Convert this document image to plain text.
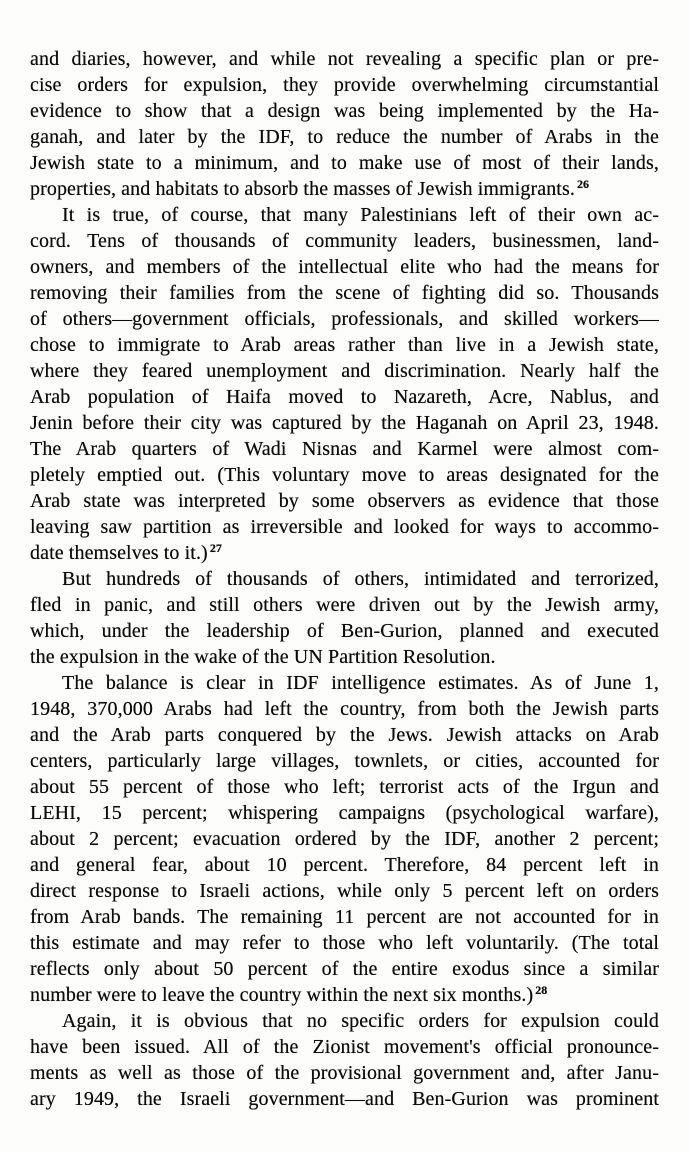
and diaries, however, and while not revealing a specific plan or pre-
cise orders for expulsion, they provide overwhelming circumstantial
evidence to show that a design was being implemented by the Ha-
ganah, and later by the IDF, to reduce the number of Arabs in the
Jewish state to a minimum, and to make use of most of their lands,
properties, and habitats to absorb the masses of Jewish immigrants. $^{26}$
It is true, of course, that many Palestinians left of their own ac-
cord. Tens of thousands of community leaders, businessmen, land-
owners, and members of the intellectual elite who had the means for
removing their families from the scene of fighting did so. Thousands
of others—government officials, professionals, and skilled workers—
chose to immigrate to Arab areas rather than live in a Jewish state,
where they feared unemployment and discrimination. Nearly half the
Arab population of Haifa moved to Nazareth, Acre, Nablus, and
Jenin before their city was captured by the Haganah on April 23, 1948.
The Arab quarters of Wadi Nisnas and Karmel were almost com-
pletely emptied out. (This voluntary move to areas designated for the
Arab state was interpreted by some observers as evidence that those
leaving saw partition as irreversible and looked for ways to accommo-
date themselves to it.) $^{27}$
But hundreds of thousands of others, intimidated and terrorized,
fled in panic, and still others were driven out by the Jewish army,
which, under the leadership of Ben-Gurion, planned and executed
the expulsion in the wake of the UN Partition Resolution.
The balance is clear in IDF intelligence estimates. As of June 1,
1948, 370,000 Arabs had left the country, from both the Jewish parts
and the Arab parts conquered by the Jews. Jewish attacks on Arab
centers, particularly large villages, townlets, or cities, accounted for
about 55 percent of those who left; terrorist acts of the Irgun and
LEHI, 15 percent; whispering campaigns (psychological warfare),
about 2 percent; evacuation ordered by the IDF, another 2 percent;
and general fear, about 10 percent. Therefore, 84 percent left in
direct response to Israeli actions, while only 5 percent left on orders
from Arab bands. The remaining 11 percent are not accounted for in
this estimate and may refer to those who left voluntarily. (The total
reflects only about 50 percent of the entire exodus since a similar
number were to leave the country within the next six months.) $^{28}$
Again, it is obvious that no specific orders for expulsion could
have been issued. All of the Zionist movement's official pronounce-
ments as well as those of the provisional government and, after Janu-
ary 1949, the Israeli government—and Ben-Gurion was prominent
